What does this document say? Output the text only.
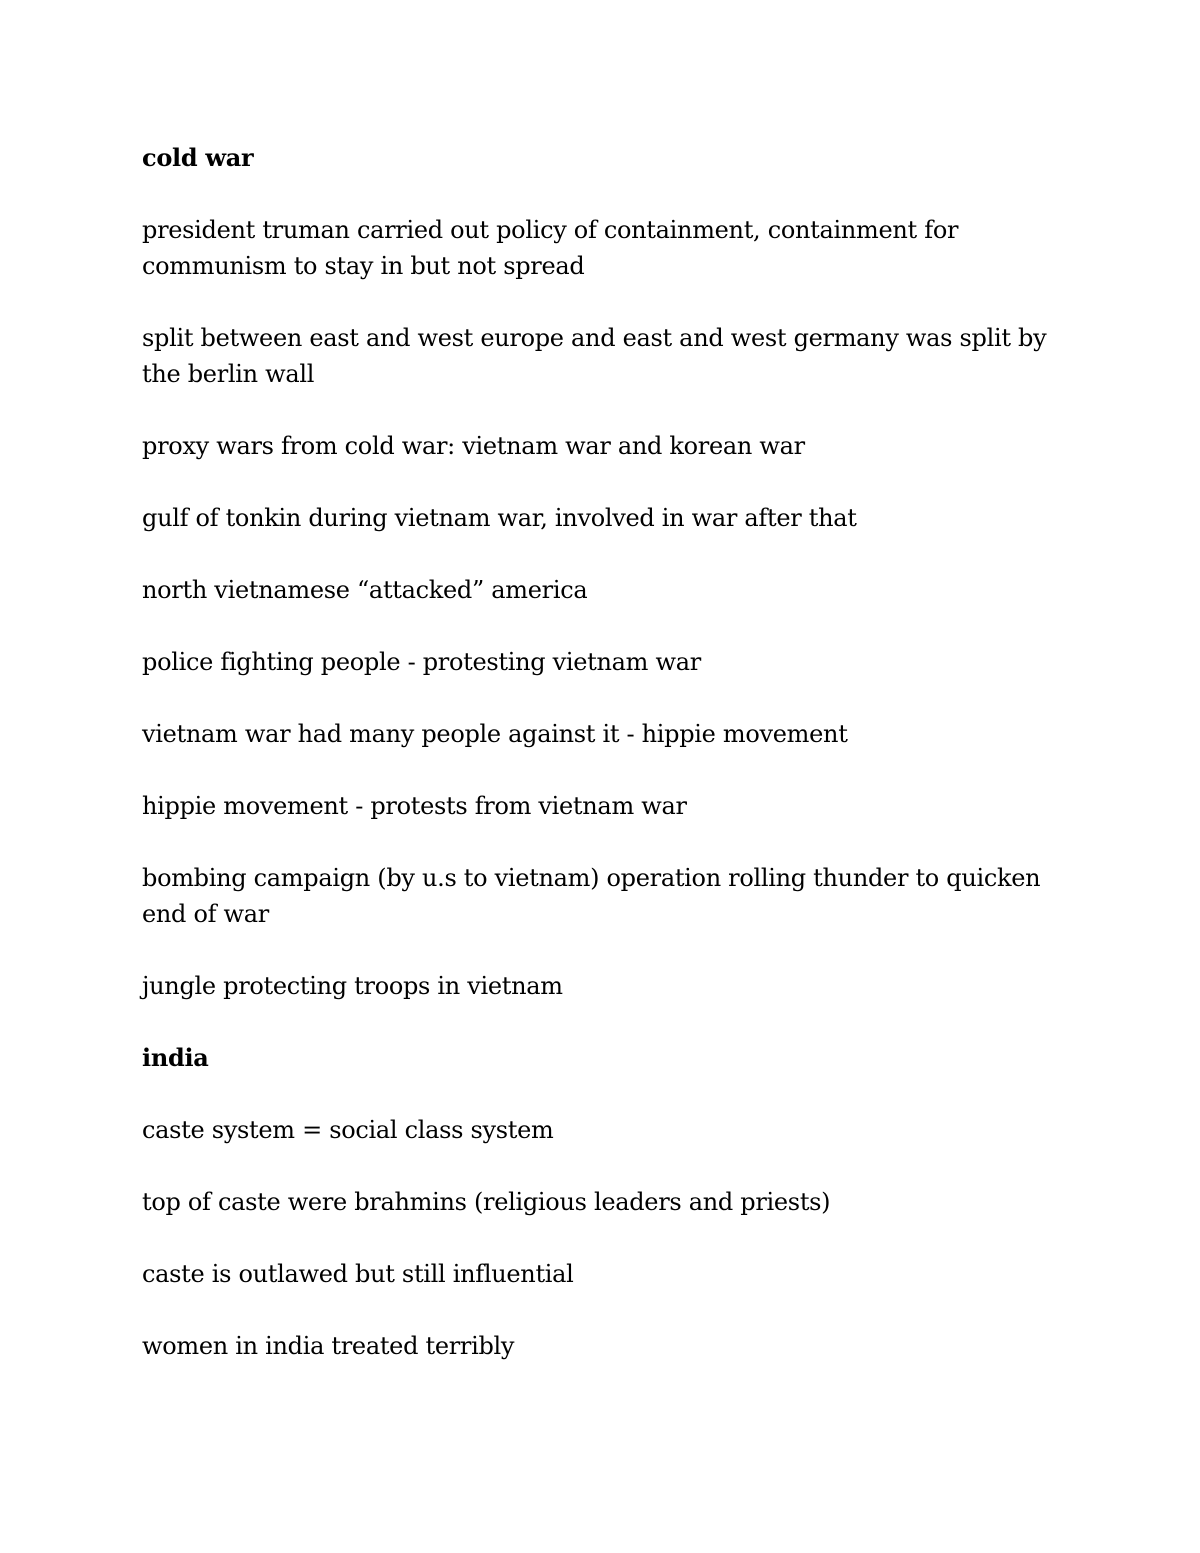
cold war
president truman carried out policy of containment, containment for communism to stay in but not spread
split between east and west europe and east and west germany was split by the berlin wall
proxy wars from cold war: vietnam war and korean war
gulf of tonkin during vietnam war, involved in war after that
north vietnamese “attacked” america
police fighting people - protesting vietnam war
vietnam war had many people against it - hippie movement
hippie movement - protests from vietnam war
bombing campaign (by u.s to vietnam) operation rolling thunder to quicken end of war
jungle protecting troops in vietnam
india
caste system = social class system
top of caste were brahmins (religious leaders and priests)
caste is outlawed but still influential
women in india treated terribly
